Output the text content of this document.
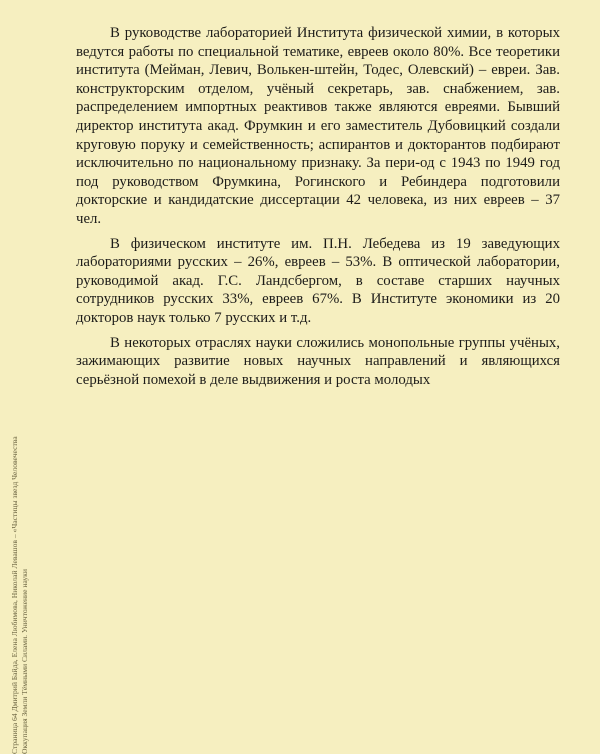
Страница 64 Дмитрий Байда, Елена Любимова, Николай Левашов – «Частицы звезд Человечества Оккупация Земли Тёмными Силами. Уничтожение науки

В руководстве лабораторией Института физической химии, в которых ведутся работы по специальной тематике, евреев около 80%. Все теоретики института (Мейман, Левич, Волькен-штейн, Тодес, Олевский) – евреи. Зав. конструкторским отделом, учёный секретарь, зав. снабжением, зав. распределением импортных реактивов также являются евреями. Бывший директор института акад. Фрумкин и его заместитель Дубовицкий создали круговую поруку и семейственность; аспирантов и докторантов подбирают исключительно по национальному признаку. За пери-од с 1943 по 1949 год под руководством Фрумкина, Рогинского и Ребиндера подготовили докторские и кандидатские диссертации 42 человека, из них евреев – 37 чел.

В физическом институте им. П.Н. Лебедева из 19 заведующих лабораториями русских – 26%, евреев – 53%. В оптической лаборатории, руководимой акад. Г.С. Ландсбергом, в составе старших научных сотрудников русских 33%, евреев 67%. В Институте экономики из 20 докторов наук только 7 русских и т.д.

В некоторых отраслях науки сложились монопольные группы учёных, зажимающих развитие новых научных направлений и являющихся серьёзной помехой в деле выдвижения и роста молодых
